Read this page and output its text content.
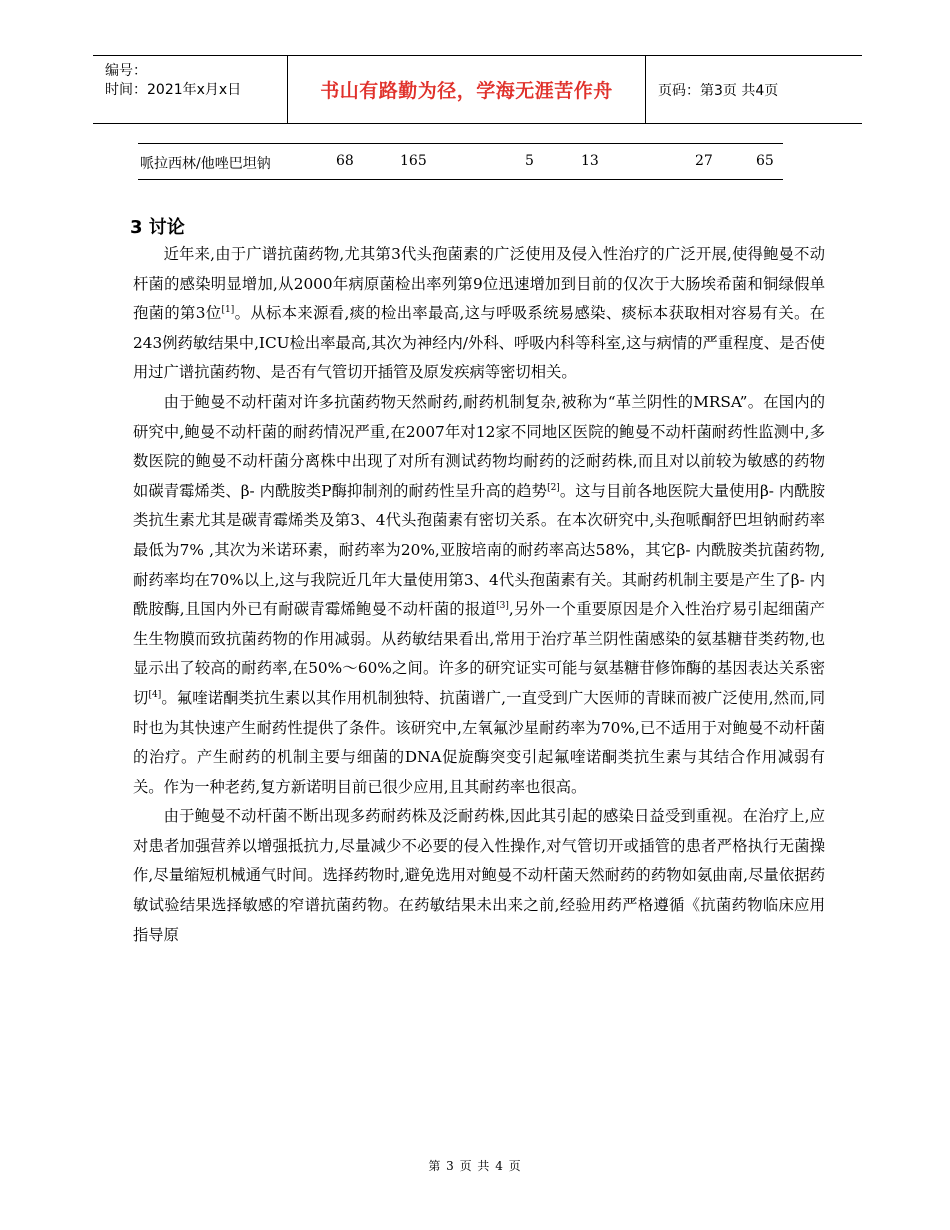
编号：
时间：2021年x月x日	书山有路勤为径，学海无涯苦作舟	页码：第3页 共4页
哌拉西林/他唑巴坦钠	68	165	5	13	27	65
3 讨论

近年来,由于广谱抗菌药物,尤其第3代头孢菌素的广泛使用及侵入性治疗的广泛开展,使得鲍曼不动杆菌的感染明显增加,从2000年病原菌检出率列第9位迅速增加到目前的仅次于大肠埃希菌和铜绿假单孢菌的第3位[1]。从标本来源看,痰的检出率最高,这与呼吸系统易感染、痰标本获取相对容易有关。在243例药敏结果中,ICU检出率最高,其次为神经内/外科、呼吸内科等科室,这与病情的严重程度、是否使用过广谱抗菌药物、是否有气管切开插管及原发疾病等密切相关。

由于鲍曼不动杆菌对许多抗菌药物天然耐药,耐药机制复杂,被称为“革兰阴性的MRSA”。在国内的研究中,鲍曼不动杆菌的耐药情况严重,在2007年对12家不同地区医院的鲍曼不动杆菌耐药性监测中,多数医院的鲍曼不动杆菌分离株中出现了对所有测试药物均耐药的泛耐药株,而且对以前较为敏感的药物如碳青霉烯类、β- 内酰胺类P酶抑制剂的耐药性呈升高的趋势[2]。这与目前各地医院大量使用β- 内酰胺类抗生素尤其是碳青霉烯类及第3、4代头孢菌素有密切关系。在本次研究中,头孢哌酮舒巴坦钠耐药率最低为7% ,其次为米诺环素，耐药率为20%,亚胺培南的耐药率高达58%，其它β- 内酰胺类抗菌药物,耐药率均在70%以上,这与我院近几年大量使用第3、4代头孢菌素有关。其耐药机制主要是产生了β- 内酰胺酶,且国内外已有耐碳青霉烯鲍曼不动杆菌的报道[3],另外一个重要原因是介入性治疗易引起细菌产生生物膜而致抗菌药物的作用减弱。从药敏结果看出,常用于治疗革兰阴性菌感染的氨基糖苷类药物,也显示出了较高的耐药率,在50%～60%之间。许多的研究证实可能与氨基糖苷修饰酶的基因表达关系密切[4]。氟喹诺酮类抗生素以其作用机制独特、抗菌谱广,一直受到广大医师的青睐而被广泛使用,然而,同时也为其快速产生耐药性提供了条件。该研究中,左氧氟沙星耐药率为70%,已不适用于对鲍曼不动杆菌的治疗。产生耐药的机制主要与细菌的DNA促旋酶突变引起氟喹诺酮类抗生素与其结合作用减弱有关。作为一种老药,复方新诺明目前已很少应用,且其耐药率也很高。

由于鲍曼不动杆菌不断出现多药耐药株及泛耐药株,因此其引起的感染日益受到重视。在治疗上,应对患者加强营养以增强抵抗力,尽量减少不必要的侵入性操作,对气管切开或插管的患者严格执行无菌操作,尽量缩短机械通气时间。选择药物时,避免选用对鲍曼不动杆菌天然耐药的药物如氨曲南,尽量依据药敏试验结果选择敏感的窄谱抗菌药物。在药敏结果未出来之前,经验用药严格遵循《抗菌药物临床应用指导原

第 3 页 共 4 页
